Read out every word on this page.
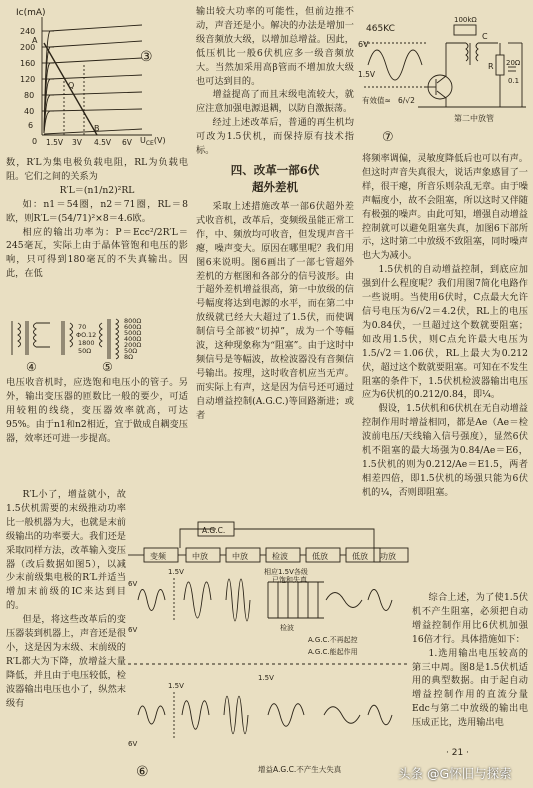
Ic(mA)
240
200
160
120
80
40
6
0
A
Q
B
1.5V 3V 4.5V 6V $U_{CE}(V)$
③

数，R′L为集电极负载电阻，RL为负载电阻。它们之间的关系为

R′L＝(n1/n2)²RL

如：n1＝54圈，n2＝71圈，RL＝8欧，则R′L＝(54/71)²×8＝4.6欧。

相应的输出功率为：P＝Ecc²/2R′L＝245毫瓦，实际上由于晶体管饱和电压的影响，只可得到180毫瓦的不失真输出。因此，在低

70
ΦO.12
1800
50Ω
800Ω
600Ω
500Ω
400Ω
200Ω
50Ω
8Ω
④	⑤

电压收音机时，应选饱和电压小的管子。另外，输出变压器的匝数比一般的要少，可适用较粗的线绕，变压器效率就高，可达95%。由于n1和n2相近，宜于做成自耦变压器，效率还可进一步提高。

R′L小了，增益就小，故1.5伏机需要的末级推动功率比一般机器为大，也就是末前级输出的功率要大。我们还是采取同样方法，改革输入变压器（改后数据如图5），以减少末前级集电极的R′L并适当增加末前级的IC来达到目的。

但是，将这些改革后的变压器装到机器上，声音还是很小，这是因为末级、末前级的R′L都大为下降，放增益大量降低，并且由于电压较低，检波器输出电压也小了，纵然末级有

输出较大功率的可能性，但前边推不动，声音还是小。解决的办法是增加一级音频放大级，以增加总增益。因此，低压机比一般6伏机应多一级音频放大。当然加采用高β管而不增加放大级也可达到目的。

增益提高了而且末级电流较大，就应注意加强电源退耦，以防自激振荡。

经过上述改革后，普通的再生机均可改为1.5伏机，而保持原有技术指标。

四、改革一部6伏

超外差机

采取上述措施改革一部6伏超外差式收音机，改革后，变频级虽能正常工作，中、频放均可收音，但发现声音干瘪，噪声变大。原因在哪里呢？我们用图6来说明。图6画出了一部七管超外差机的方框图和各部分的信号波形。由于超外差机增益很高，第一中放级的信号幅度将达到电源的水平，而在第二中放级就已经大大超过了1.5伏，而使调制信号全部被“切掉”，成为一个等幅波，这种现象称为“阻塞”。由于这时中频信号是等幅波，故检波器没有音频信号输出。按理，这时收音机应当无声。而实际上有声，这是因为信号还可通过自动增益控制(A.G.C.)等回路渐进；或者

465KC
6V
1.5V
有效值≈ 6/√2
100kΩ
20Ω
C
R
0.1
第二中放管
⑦

将频率调偏，灵敏度降低后也可以有声。但这时声音失真很大，说话声象感冒了一样，很干瘪，所音乐则杂乱无章。由于噪声幅度小，故不会阻塞，所以这时又伴随有极强的噪声。由此可知，增强自动增益控制就可以避免阻塞失真，加图6下部所示，这时第二中放级不致阻塞，同时噪声也大为减小。

1.5伏机的自动增益控制，到底应加强到什么程度呢？我们用图7简化电路作一些说明。当使用6伏时，C点最大允许信号电压为6/√2＝4.2伏，RL上的电压为0.84伏，一旦超过这个数就要阻塞；如改用1.5伏，则C点允许最大电压为1.5/√2＝1.06伏，RL上最大为0.212伏，超过这个数就要阻塞。可知在不发生阻塞的条件下，1.5伏机检波器输出电压应为6伏机的0.212/0.84，即¼。

假设，1.5伏机和6伏机在无自动增益控制作用时增益相同，都是Ae（Ae＝检波前电压/天线输入信号强度），显然6伏机不阻塞的最大场强为0.84/Ae＝E6，1.5伏机的则为0.212/Ae＝E1.5，两者相差四倍，即1.5伏机的场强只能为6伏机的¼，否则即阻塞。

综合上述，为了使1.5伏机不产生阻塞，必须把自动增益控制作用比6伏机加强16倍才行。具体措施如下：

1.选用输出电压较高的第三中周。图8是1.5伏机适用的典型数据。由于起自动增益控制作用的直流分量Edc与第二中放级的输出电压成正比，选用输出电

A.G.C.
变频	中放	中放	检波	低放	低放 功放
相应1.5V各级
已饱和失真
检波
A.G.C.不再起控
A.G.C.能起作用
6V
1.5V
6V
1.5V
1.5V
6V
增益A.G.C.不产生大失真
⑥
· 21 ·
头条 @G怀旧与探索
